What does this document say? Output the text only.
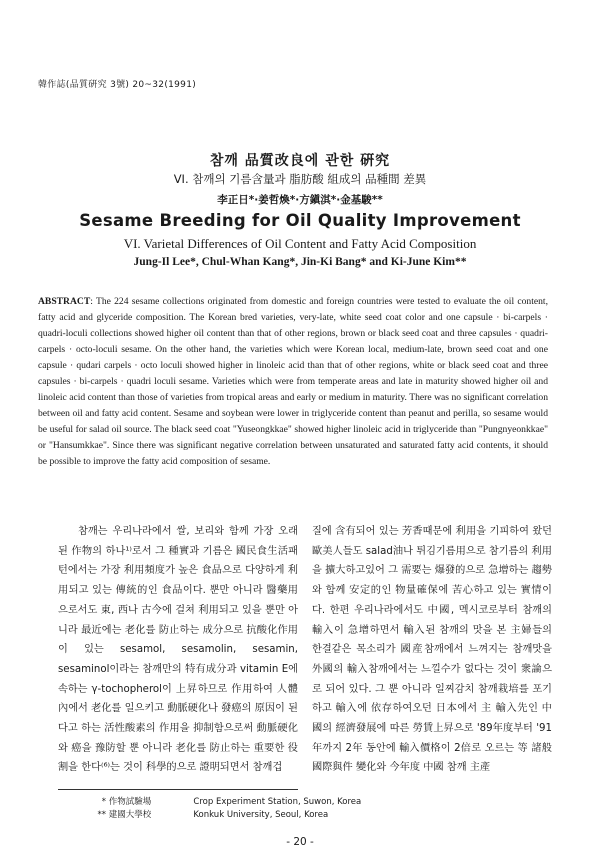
韓作誌(品質硏究 3號) 20~32(1991)
참깨 品質改良에 관한 硏究
VI. 참깨의 기름含量과 脂肪酸 組成의 品種間 差異
李正日*·姜哲煥*·方鎭淇*·金基駿**
Sesame Breeding for Oil Quality Improvement
VI. Varietal Differences of Oil Content and Fatty Acid Composition
Jung-Il Lee*, Chul-Whan Kang*, Jin-Ki Bang* and Ki-June Kim**
ABSTRACT: The 224 sesame collections originated from domestic and foreign countries were tested to evaluate the oil content, fatty acid and glyceride composition. The Korean bred varieties, very-late, white seed coat color and one capsule · bi-carpels · quadri-loculi collections showed higher oil content than that of other regions, brown or black seed coat and three capsules · quadri-carpels · octo-loculi sesame. On the other hand, the varieties which were Korean local, medium-late, brown seed coat and one capsule · qudari carpels · octo loculi showed higher in linoleic acid than that of other regions, white or black seed coat and three capsules · bi-carpels · quadri loculi sesame. Varieties which were from temperate areas and late in maturity showed higher oil and linoleic acid content than those of varieties from tropical areas and early or medium in maturity. There was no significant correlation between oil and fatty acid content. Sesame and soybean were lower in triglyceride content than peanut and perilla, so sesame would be useful for salad oil source. The black seed coat "Yuseongkkae" showed higher linoleic acid in triglyceride than "Pungnyeonkkae" or "Hansumkkae". Since there was significant negative correlation between unsaturated and saturated fatty acid contents, it should be possible to improve the fatty acid composition of sesame.
참깨는 우리나라에서 쌀, 보리와 함께 가장 오래 된 作物의 하나¹⁾로서 그 種實과 기름은 國民食生活패턴에서는 가장 利用頻度가 높은 食品으로 다양하게 利用되고 있는 傳統的인 食品이다. 뿐만 아니라 醫藥用으로서도 東, 西나 古今에 걸쳐 利用되고 있을 뿐만 아니라 最近에는 老化를 防止하는 成分으로 抗酸化作用이 있는 sesamol, sesamolin, sesamin, sesaminol이라는 참깨만의 特有成分과 vitamin E에 속하는 γ-tochopherol이 上昇하므로 作用하여 人體內에서 老化를 일으키고 動脈硬化나 發癌의 原因이 된다고 하는 活性酸素의 作用을 抑制함으로써 動脈硬化와 癌을 豫防할 뿐 아니라 老化를 防止하는 重要한 役割을 한다⁽⁶⁾는 것이 科學的으로 證明되면서 참깨겁
질에 含有되어 있는 芳香때문에 利用을 기피하여 왔던 歐美人들도 salad油나 튀김기름用으로 참기름의 利用을 擴大하고있어 그 需要는 爆發的으로 急增하는 趨勢와 함께 安定的인 物量確保에 苦心하고 있는 實情이다. 한편 우리나라에서도 中國, 멕시코로부터 참깨의 輸入이 急增하면서 輸入된 참깨의 맛을 본 主婦들의 한결같은 목소리가 國産참깨에서 느껴지는 참깨맛을 外國의 輸入참깨에서는 느낄수가 없다는 것이 衆論으로 되어 있다. 그 뿐 아니라 일찌감치 참깨栽培를 포기하고 輸入에 依存하여오던 日本에서 主 輸入先인 中國의 經濟發展에 따른 勞賃上昇으로 '89年度부터 '91年까지 2年 동안에 輸入價格이 2倍로 오르는 等 諸般 國際與件 變化와 今年度 中國 참깨 主產
* 作物試驗場	Crop Experiment Station, Suwon, Korea
** 建國大學校	Konkuk University, Seoul, Korea
- 20 -
